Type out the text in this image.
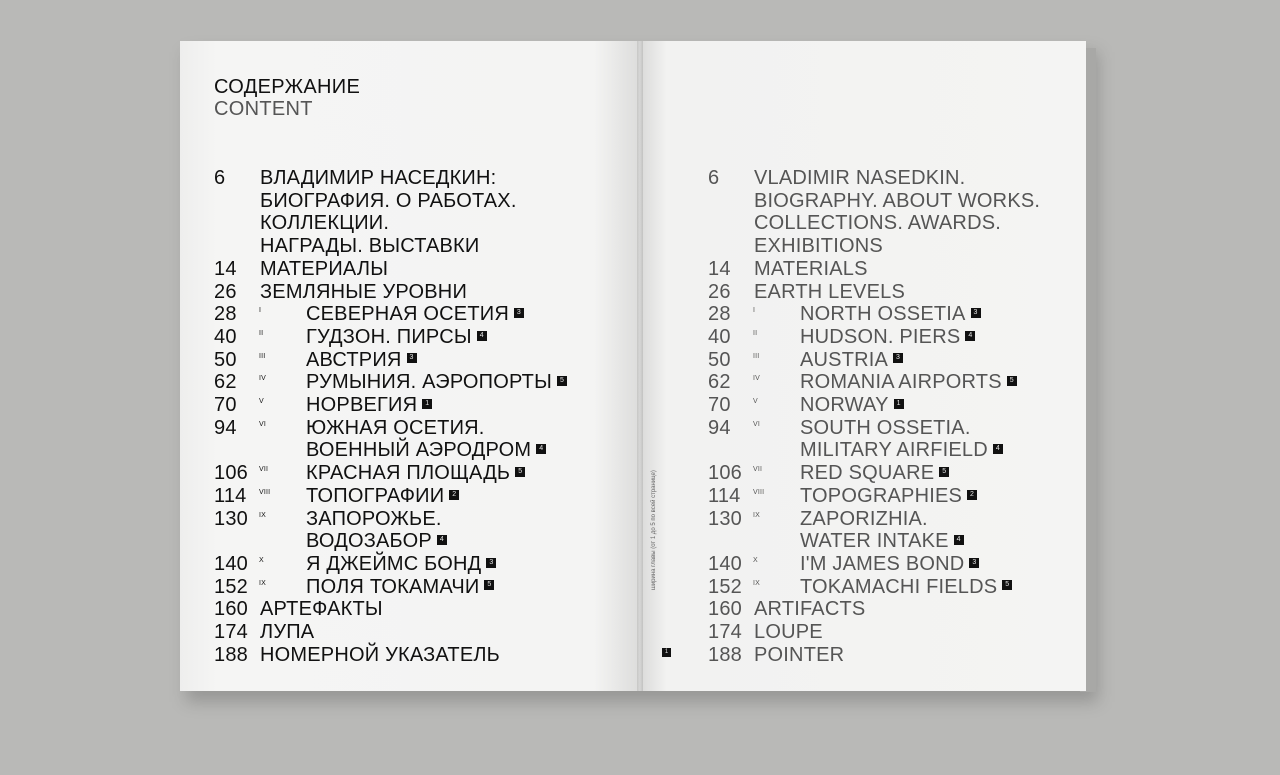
СОДЕРЖАНИЕ
CONTENT
6 ВЛАДИМИР НАСЕДКИН:
БИОГРАФИЯ. О РАБОТАХ.
КОЛЛЕКЦИИ.
НАГРАДЫ. ВЫСТАВКИ
14 МАТЕРИАЛЫ
26 ЗЕМЛЯНЫЕ УРОВНИ
28	I СЕВЕРНАЯ ОСЕТИЯ 3
40	II ГУДЗОН. ПИРСЫ 4
50	III АВСТРИЯ 3
62	IV РУМЫНИЯ. АЭРОПОРТЫ 5
70	V НОРВЕГИЯ 1
94	VI ЮЖНАЯ ОСЕТИЯ.
ВОЕННЫЙ АЭРОДРОМ 4
106 VII КРАСНАЯ ПЛОЩАДЬ 5
114 VIII ТОПОГРАФИИ 2
130 IX ЗАПОРОЖЬЕ.
ВОДОЗАБОР 4
140 X Я ДЖЕЙМС БОНД 3
152 IX ПОЛЯ ТОКАМАЧИ 5
160 АРТЕФАКТЫ
174 ЛУПА
188 НОМЕРНОЙ УКАЗАТЕЛЬ
6 VLADIMIR NASEDKIN.
BIOGRAPHY. ABOUT WORKS.
COLLECTIONS. AWARDS.
EXHIBITIONS
14 MATERIALS
26 EARTH LEVELS
28	I NORTH OSSETIA 3
40	II HUDSON. PIERS 4
50	III AUSTRIA 3
62	IV ROMANIA AIRPORTS 5
70	V NORWAY 1
94	VI SOUTH OSSETIA.
MILITARY AIRFIELD 4
106 VII RED SQUARE 5
114 VIII TOPOGRAPHIES 2
130 IX ZAPORIZHIA.
WATER INTAKE 4
140 X I'M JAMES BOND 3
152 IX TOKAMACHI FIELDS 5
160 ARTIFACTS
174 LOUPE
188 POINTER
ширина главы (от 1 до 5 по всей странице)
1
